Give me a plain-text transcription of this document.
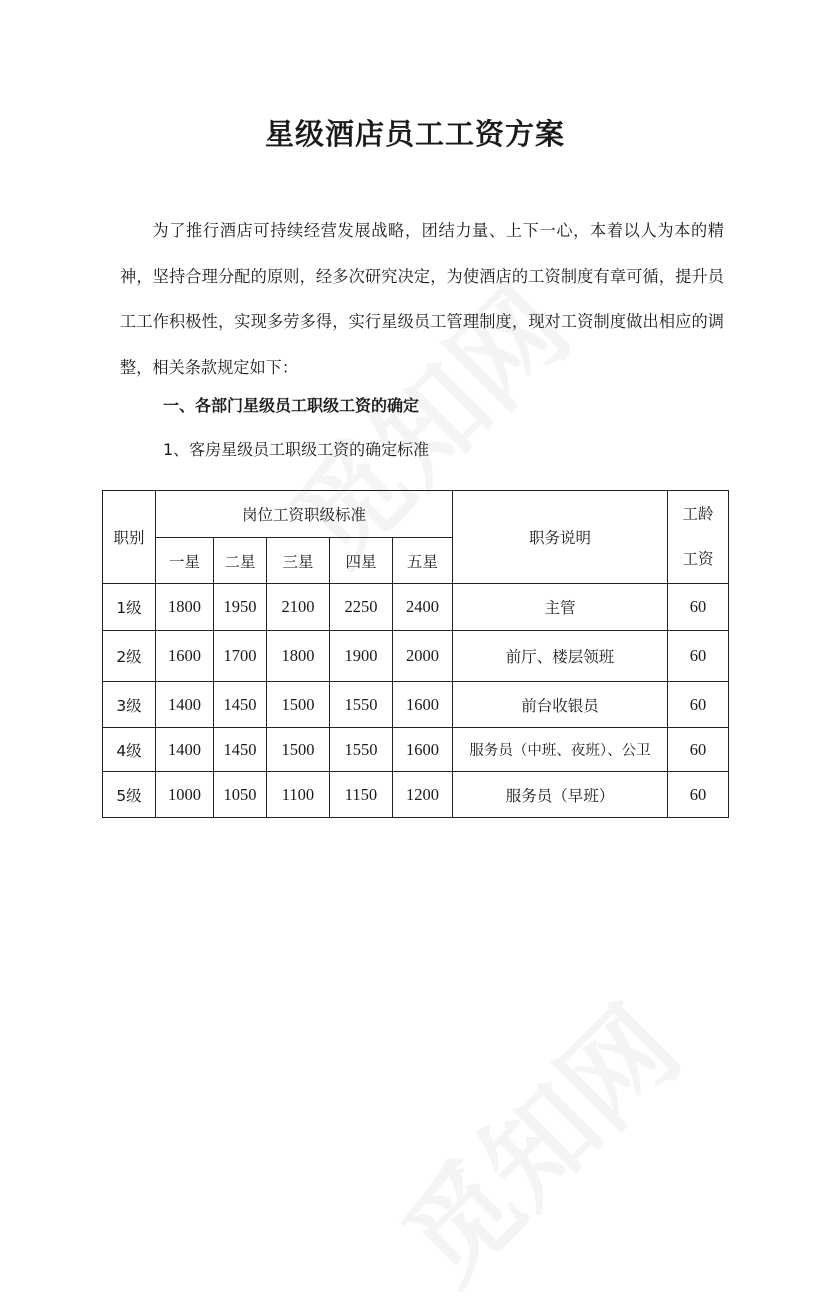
星级酒店员工工资方案
为了推行酒店可持续经营发展战略，团结力量、上下一心，本着以人为本的精神，坚持合理分配的原则，经多次研究决定，为使酒店的工资制度有章可循，提升员工工作积极性，实现多劳多得，实行星级员工管理制度，现对工资制度做出相应的调整，相关条款规定如下：
一、各部门星级员工职级工资的确定
1、客房星级员工职级工资的确定标准
职别	岗位工资职级标准					职务说明	工龄
工资

	一星	二星	三星	四星	五星		
1级	1800	1950	2100	2250	2400	主管	60
2级	1600	1700	1800	1900	2000	前厅、楼层领班	60
3级	1400	1450	1500	1550	1600	前台收银员	60
4级	1400	1450	1500	1550	1600	服务员（中班、夜班）、公卫	60
5级	1000	1050	1100	1150	1200	服务员（早班）	60
